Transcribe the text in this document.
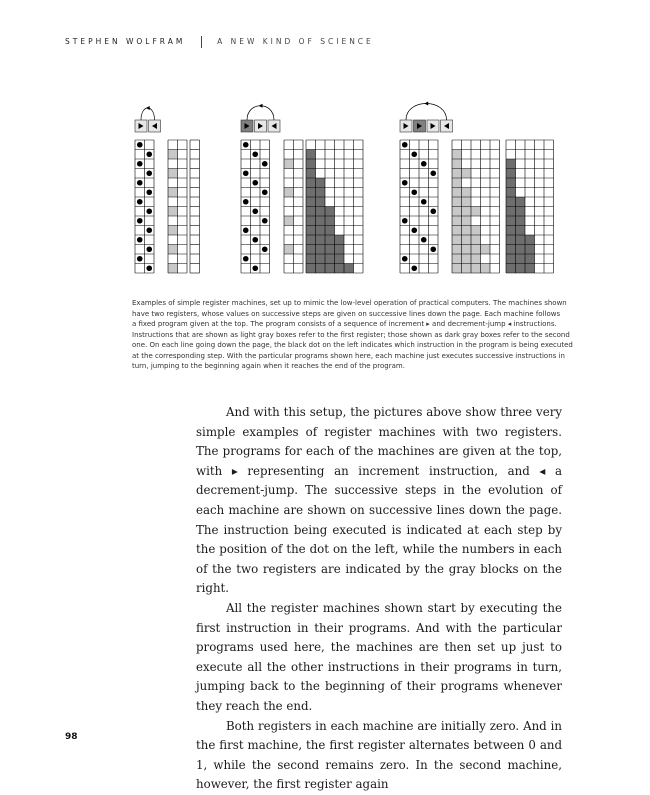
STEPHEN WOLFRAM	A NEW KIND OF SCIENCE
Examples of simple register machines, set up to mimic the low-level operation of practical computers. The machines shown
have two registers, whose values on successive steps are given on successive lines down the page. Each machine follows
a fixed program given at the top. The program consists of a sequence of increment ▸ and decrement-jump ◂ instructions.
Instructions that are shown as light gray boxes refer to the first register; those shown as dark gray boxes refer to the second
one. On each line going down the page, the black dot on the left indicates which instruction in the program is being executed
at the corresponding step. With the particular programs shown here, each machine just executes successive instructions in
turn, jumping to the beginning again when it reaches the end of the program.

And with this setup, the pictures above show three very simple examples of register machines with two registers. The programs for each of the machines are given at the top, with ▸ representing an increment instruction, and ◂ a decrement-jump. The successive steps in the evolution of each machine are shown on successive lines down the page. The instruction being executed is indicated at each step by the position of the dot on the left, while the numbers in each of the two registers are indicated by the gray blocks on the right.

All the register machines shown start by executing the first instruction in their programs. And with the particular programs used here, the machines are then set up just to execute all the other instructions in their programs in turn, jumping back to the beginning of their programs whenever they reach the end.

Both registers in each machine are initially zero. And in the first machine, the first register alternates between 0 and 1, while the second remains zero. In the second machine, however, the first register again

98
